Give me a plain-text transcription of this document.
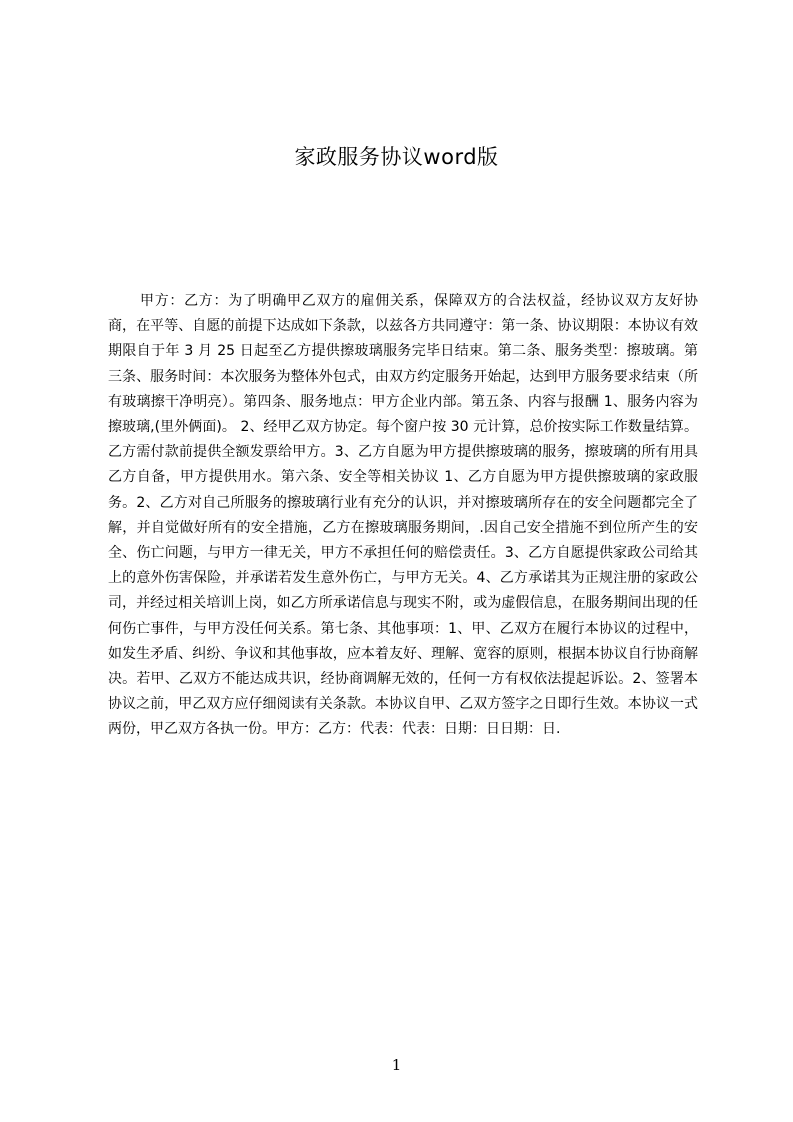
家政服务协议word版

甲方：乙方：为了明确甲乙双方的雇佣关系，保障双方的合法权益，经协议双方友好协商，在平等、自愿的前提下达成如下条款，以兹各方共同遵守：第一条、协议期限：本协议有效期限自于年 3 月 25 日起至乙方提供擦玻璃服务完毕日结束。第二条、服务类型：擦玻璃。第三条、服务时间：本次服务为整体外包式，由双方约定服务开始起，达到甲方服务要求结束（所有玻璃擦干净明亮）。第四条、服务地点：甲方企业内部。第五条、内容与报酬 1、服务内容为擦玻璃,(里外俩面)。 2、经甲乙双方协定。每个窗户按 30 元计算，总价按实际工作数量结算。乙方需付款前提供全额发票给甲方。3、乙方自愿为甲方提供擦玻璃的服务，擦玻璃的所有用具乙方自备，甲方提供用水。第六条、安全等相关协议 1、乙方自愿为甲方提供擦玻璃的家政服务。2、乙方对自己所服务的擦玻璃行业有充分的认识，并对擦玻璃所存在的安全问题都完全了解，并自觉做好所有的安全措施，乙方在擦玻璃服务期间，.因自己安全措施不到位所产生的安全、伤亡问题，与甲方一律无关，甲方不承担任何的赔偿责任。3、乙方自愿提供家政公司给其上的意外伤害保险，并承诺若发生意外伤亡，与甲方无关。4、乙方承诺其为正规注册的家政公司，并经过相关培训上岗，如乙方所承诺信息与现实不附，或为虚假信息，在服务期间出现的任何伤亡事件，与甲方没任何关系。第七条、其他事项：1、甲、乙双方在履行本协议的过程中，如发生矛盾、纠纷、争议和其他事故，应本着友好、理解、宽容的原则，根据本协议自行协商解决。若甲、乙双方不能达成共识，经协商调解无效的，任何一方有权依法提起诉讼。2、签署本协议之前，甲乙双方应仔细阅读有关条款。本协议自甲、乙双方签字之日即行生效。本协议一式两份，甲乙双方各执一份。甲方：乙方：代表：代表：日期：日日期：日.

1
